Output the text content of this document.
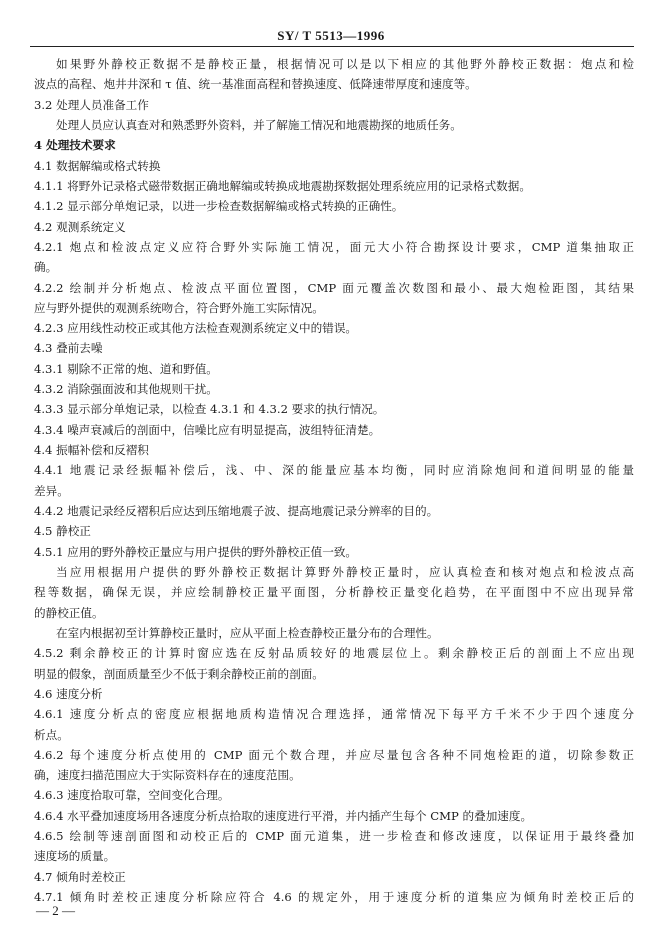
SY/ T 5513—1996
如果野外静校正数据不是静校正量，根据情况可以是以下相应的其他野外静校正数据：炮点和检
波点的高程、炮井井深和 τ 值、统一基准面高程和替换速度、低降速带厚度和速度等。
3.2 处理人员准备工作
处理人员应认真查对和熟悉野外资料，并了解施工情况和地震勘探的地质任务。
4 处理技术要求
4.1 数据解编或格式转换
4.1.1 将野外记录格式磁带数据正确地解编或转换成地震勘探数据处理系统应用的记录格式数据。
4.1.2 显示部分单炮记录，以进一步检查数据解编或格式转换的正确性。
4.2 观测系统定义
4.2.1 炮点和检波点定义应符合野外实际施工情况，面元大小符合勘探设计要求，CMP 道集抽取正
确。
4.2.2 绘制并分析炮点、检波点平面位置图，CMP 面元覆盖次数图和最小、最大炮检距图，其结果
应与野外提供的观测系统吻合，符合野外施工实际情况。
4.2.3 应用线性动校正或其他方法检查观测系统定义中的错误。
4.3 叠前去噪
4.3.1 剔除不正常的炮、道和野值。
4.3.2 消除强面波和其他规则干扰。
4.3.3 显示部分单炮记录，以检查 4.3.1 和 4.3.2 要求的执行情况。
4.3.4 噪声衰减后的剖面中，信噪比应有明显提高，波组特征清楚。
4.4 振幅补偿和反褶积
4.4.1 地震记录经振幅补偿后，浅、中、深的能量应基本均衡，同时应消除炮间和道间明显的能量
差异。
4.4.2 地震记录经反褶积后应达到压缩地震子波、提高地震记录分辨率的目的。
4.5 静校正
4.5.1 应用的野外静校正量应与用户提供的野外静校正值一致。
当应用根据用户提供的野外静校正数据计算野外静校正量时，应认真检查和核对炮点和检波点高
程等数据，确保无误，并应绘制静校正量平面图，分析静校正量变化趋势，在平面图中不应出现异常
的静校正值。
在室内根据初至计算静校正量时，应从平面上检查静校正量分布的合理性。
4.5.2 剩余静校正的计算时窗应选在反射品质较好的地震层位上。剩余静校正后的剖面上不应出现
明显的假象，剖面质量至少不低于剩余静校正前的剖面。
4.6 速度分析
4.6.1 速度分析点的密度应根据地质构造情况合理选择，通常情况下每平方千米不少于四个速度分
析点。
4.6.2 每个速度分析点使用的 CMP 面元个数合理，并应尽量包含各种不同炮检距的道，切除参数正
确，速度扫描范围应大于实际资料存在的速度范围。
4.6.3 速度拾取可靠，空间变化合理。
4.6.4 水平叠加速度场用各速度分析点拾取的速度进行平滑，并内插产生每个 CMP 的叠加速度。
4.6.5 绘制等速剖面图和动校正后的 CMP 面元道集，进一步检查和修改速度，以保证用于最终叠加
速度场的质量。
4.7 倾角时差校正
4.7.1 倾角时差校正速度分析除应符合 4.6 的规定外，用于速度分析的道集应为倾角时差校正后的
— 2 —
